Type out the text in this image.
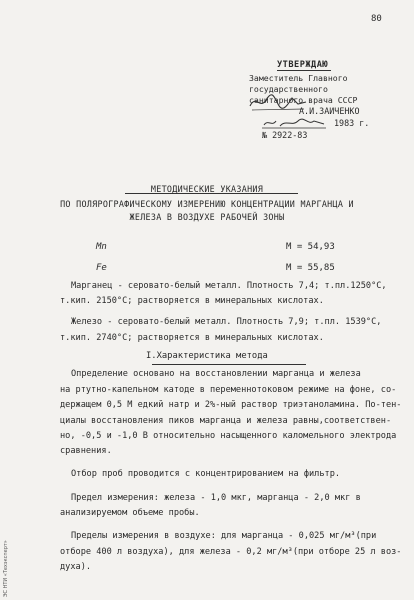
80
УТВЕРЖДАЮ
Заместитель Главного
государственного
санитарного врача СССР
А.И.ЗАИЧЕНКО
1983 г.
№ 2922-83
МЕТОДИЧЕСКИЕ УКАЗАНИЯ
ПО ПОЛЯРОГРАФИЧЕСКОМУ ИЗМЕРЕНИЮ КОНЦЕНТРАЦИИ МАРГАНЦА И
ЖЕЛЕЗА В ВОЗДУХЕ РАБОЧЕЙ ЗОНЫ
Mn	M = 54,93
Fe	M = 55,85
Марганец - серовато-белый металл. Плотность 7,4; т.пл.1250°С,
т.кип. 2150°С; растворяется в минеральных кислотах.
Железо - серовато-белый металл. Плотность 7,9; т.пл. 1539°С,
т.кип. 2740°С; растворяется в минеральных кислотах.
I.Характеристика метода
Определение основано на восстановлении марганца и железа
на ртутно-капельном катоде в переменнотоковом режиме на фоне, со-
держащем 0,5 М едкий натр и 2%-ный раствор триэтаноламина. По-тен-
циалы восстановления пиков марганца и железа равны,соответствен-
но, -0,5 и -1,0 В относительно насыщенного каломельного электрода
сравнения.
Отбор проб проводится с концентрированием на фильтр.
Предел измерения: железа - 1,0 мкг, марганца - 2,0 мкг в
анализируемом объеме пробы.
Пределы измерения в воздухе: для марганца - 0,025 мг/м³(при
отборе 400 л воздуха), для железа - 0,2 мг/м³(при отборе 25 л воз-
духа).
ЭС НТИ «Техэксперт»
